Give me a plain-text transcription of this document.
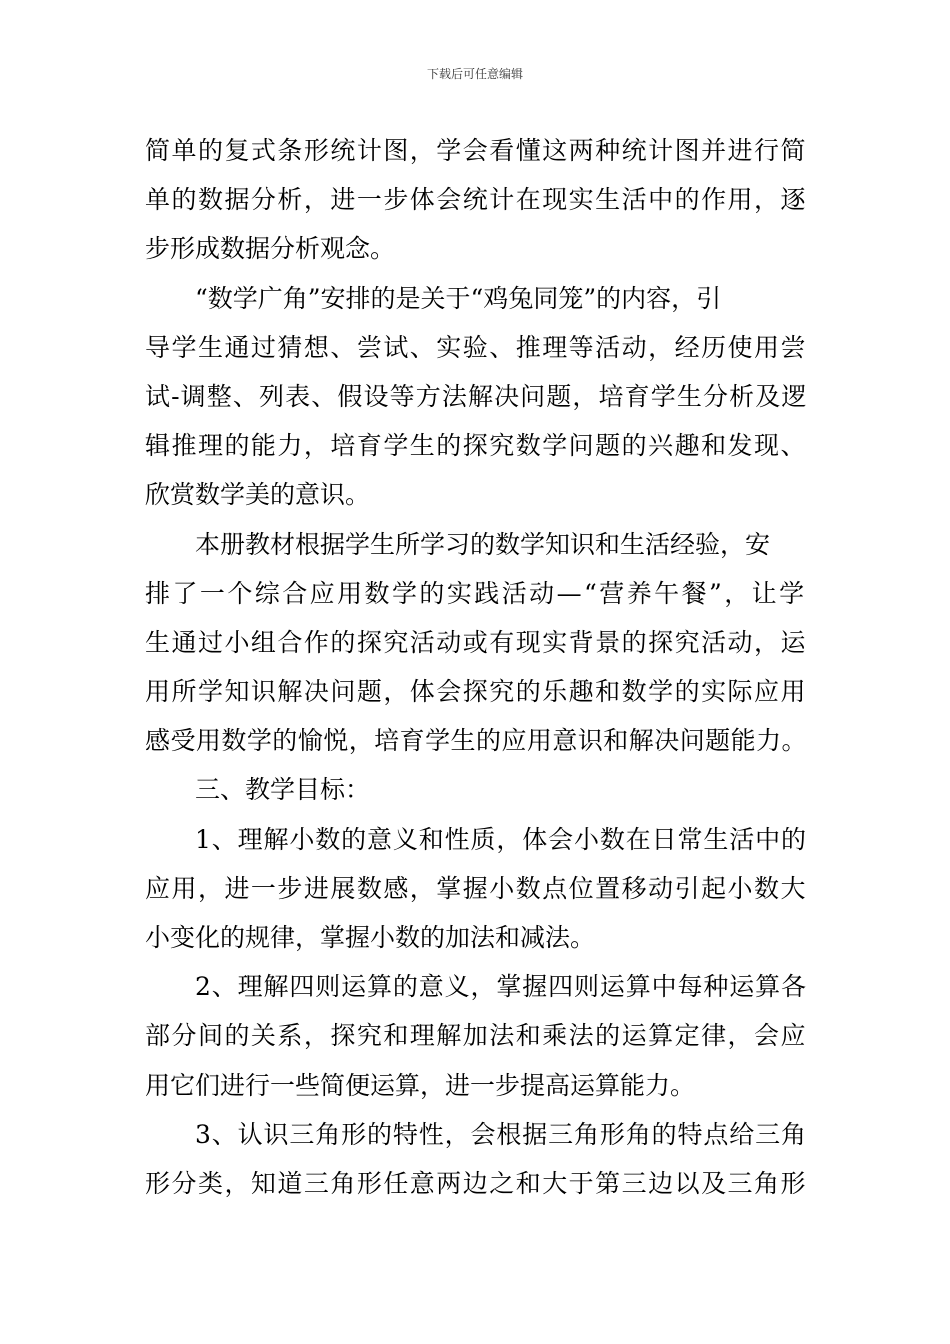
下载后可任意编辑
简单的复式条形统计图，学会看懂这两种统计图并进行简
单的数据分析，进一步体会统计在现实生活中的作用，逐
步形成数据分析观念。
“数学广角”安排的是关于“鸡兔同笼”的内容，引
导学生通过猜想、尝试、实验、推理等活动，经历使用尝
试-调整、列表、假设等方法解决问题，培育学生分析及逻
辑推理的能力，培育学生的探究数学问题的兴趣和发现、
欣赏数学美的意识。
本册教材根据学生所学习的数学知识和生活经验，安
排了一个综合应用数学的实践活动—“营养午餐”，让学
生通过小组合作的探究活动或有现实背景的探究活动，运
用所学知识解决问题，体会探究的乐趣和数学的实际应用
感受用数学的愉悦，培育学生的应用意识和解决问题能力。
三、教学目标：
1、理解小数的意义和性质，体会小数在日常生活中的
应用，进一步进展数感，掌握小数点位置移动引起小数大
小变化的规律，掌握小数的加法和减法。
2、理解四则运算的意义，掌握四则运算中每种运算各
部分间的关系，探究和理解加法和乘法的运算定律，会应
用它们进行一些简便运算，进一步提高运算能力。
3、认识三角形的特性，会根据三角形角的特点给三角
形分类，知道三角形任意两边之和大于第三边以及三角形
